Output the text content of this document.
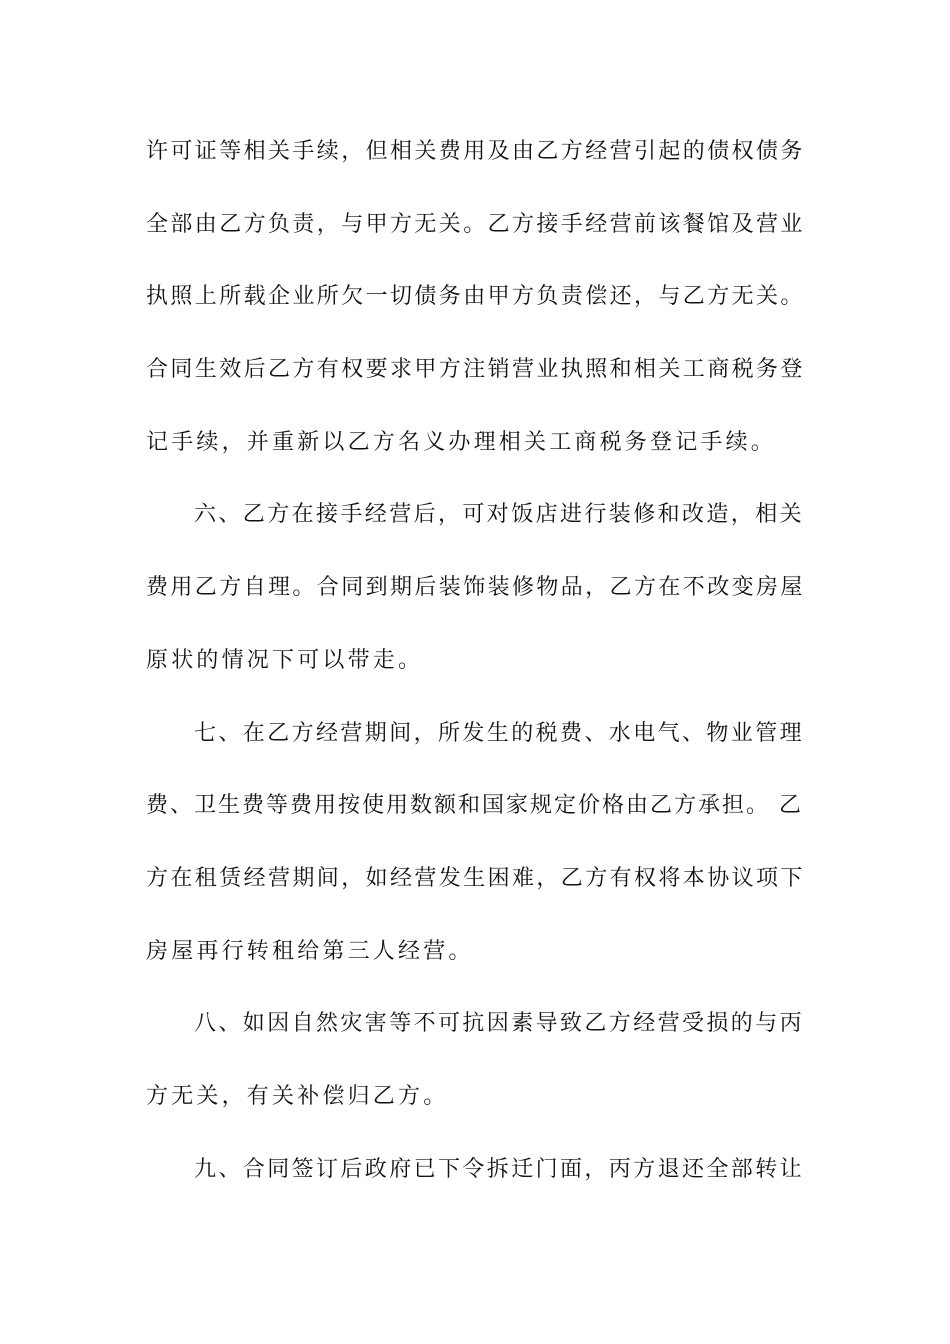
许可证等相关手续，但相关费用及由乙方经营引起的债权债务
全部由乙方负责，与甲方无关。乙方接手经营前该餐馆及营业
执照上所载企业所欠一切债务由甲方负责偿还，与乙方无关。
合同生效后乙方有权要求甲方注销营业执照和相关工商税务登
记手续，并重新以乙方名义办理相关工商税务登记手续。
六、乙方在接手经营后，可对饭店进行装修和改造，相关
费用乙方自理。合同到期后装饰装修物品，乙方在不改变房屋
原状的情况下可以带走。
七、在乙方经营期间，所发生的税费、水电气、物业管理
费、卫生费等费用按使用数额和国家规定价格由乙方承担。 乙
方在租赁经营期间，如经营发生困难，乙方有权将本协议项下
房屋再行转租给第三人经营。
八、如因自然灾害等不可抗因素导致乙方经营受损的与丙
方无关，有关补偿归乙方。
九、合同签订后政府已下令拆迁门面，丙方退还全部转让
